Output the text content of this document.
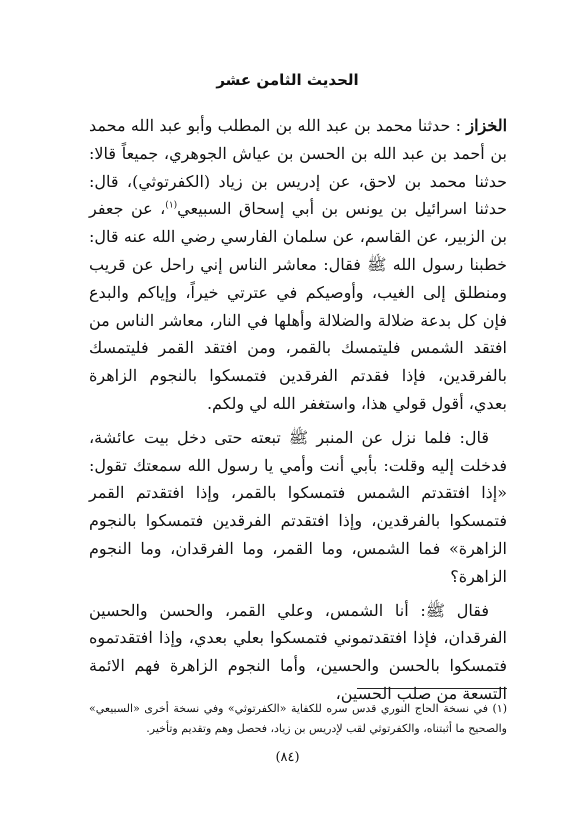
الحديث الثامن عشر

الخزاز : حدثنا محمد بن عبد الله بن المطلب وأبو عبد الله محمد بن أحمد بن عبد الله بن الحسن بن عياش الجوهري، جميعاً قالا: حدثنا محمد بن لاحق، عن إدريس بن زياد (الكفرتوثي)، قال: حدثنا اسرائيل بن يونس بن أبي إسحاق السبيعي$^{(١)}$، عن جعفر بن الزبير، عن القاسم، عن سلمان الفارسي رضي الله عنه قال: خطبنا رسول الله ﷺ فقال: معاشر الناس إني راحل عن قريب ومنطلق إلى الغيب، وأوصيكم في عترتي خيراً، وإياكم والبدع فإن كل بدعة ضلالة والضلالة وأهلها في النار، معاشر الناس من افتقد الشمس فليتمسك بالقمر، ومن افتقد القمر فليتمسك بالفرقدين، فإذا فقدتم الفرقدين فتمسكوا بالنجوم الزاهرة بعدي، أقول قولي هذا، واستغفر الله لي ولكم.

قال: فلما نزل عن المنبر ﷺ تبعته حتى دخل بيت عائشة، فدخلت إليه وقلت: بأبي أنت وأمي يا رسول الله سمعتك تقول: «إذا افتقدتم الشمس فتمسكوا بالقمر، وإذا افتقدتم القمر فتمسكوا بالفرقدين، وإذا افتقدتم الفرقدين فتمسكوا بالنجوم الزاهرة» فما الشمس، وما القمر، وما الفرقدان، وما النجوم الزاهرة؟

فقال ﷺ: أنا الشمس، وعلي القمر، والحسن والحسين الفرقدان، فإذا افتقدتموني فتمسكوا بعلي بعدي، وإذا افتقدتموه فتمسكوا بالحسن والحسين، وأما النجوم الزاهرة فهم الائمة التسعة من صلب الحسين،

(١) في نسخة الحاج النوري قدس سره للكفاية «الكفرتوثي» وفي نسخة أخرى «السبيعي» والصحيح ما أثبتناه، والكفرتوثي لقب لإدريس بن زياد، فحصل وهم وتقديم وتأخير.
(٨٤)
